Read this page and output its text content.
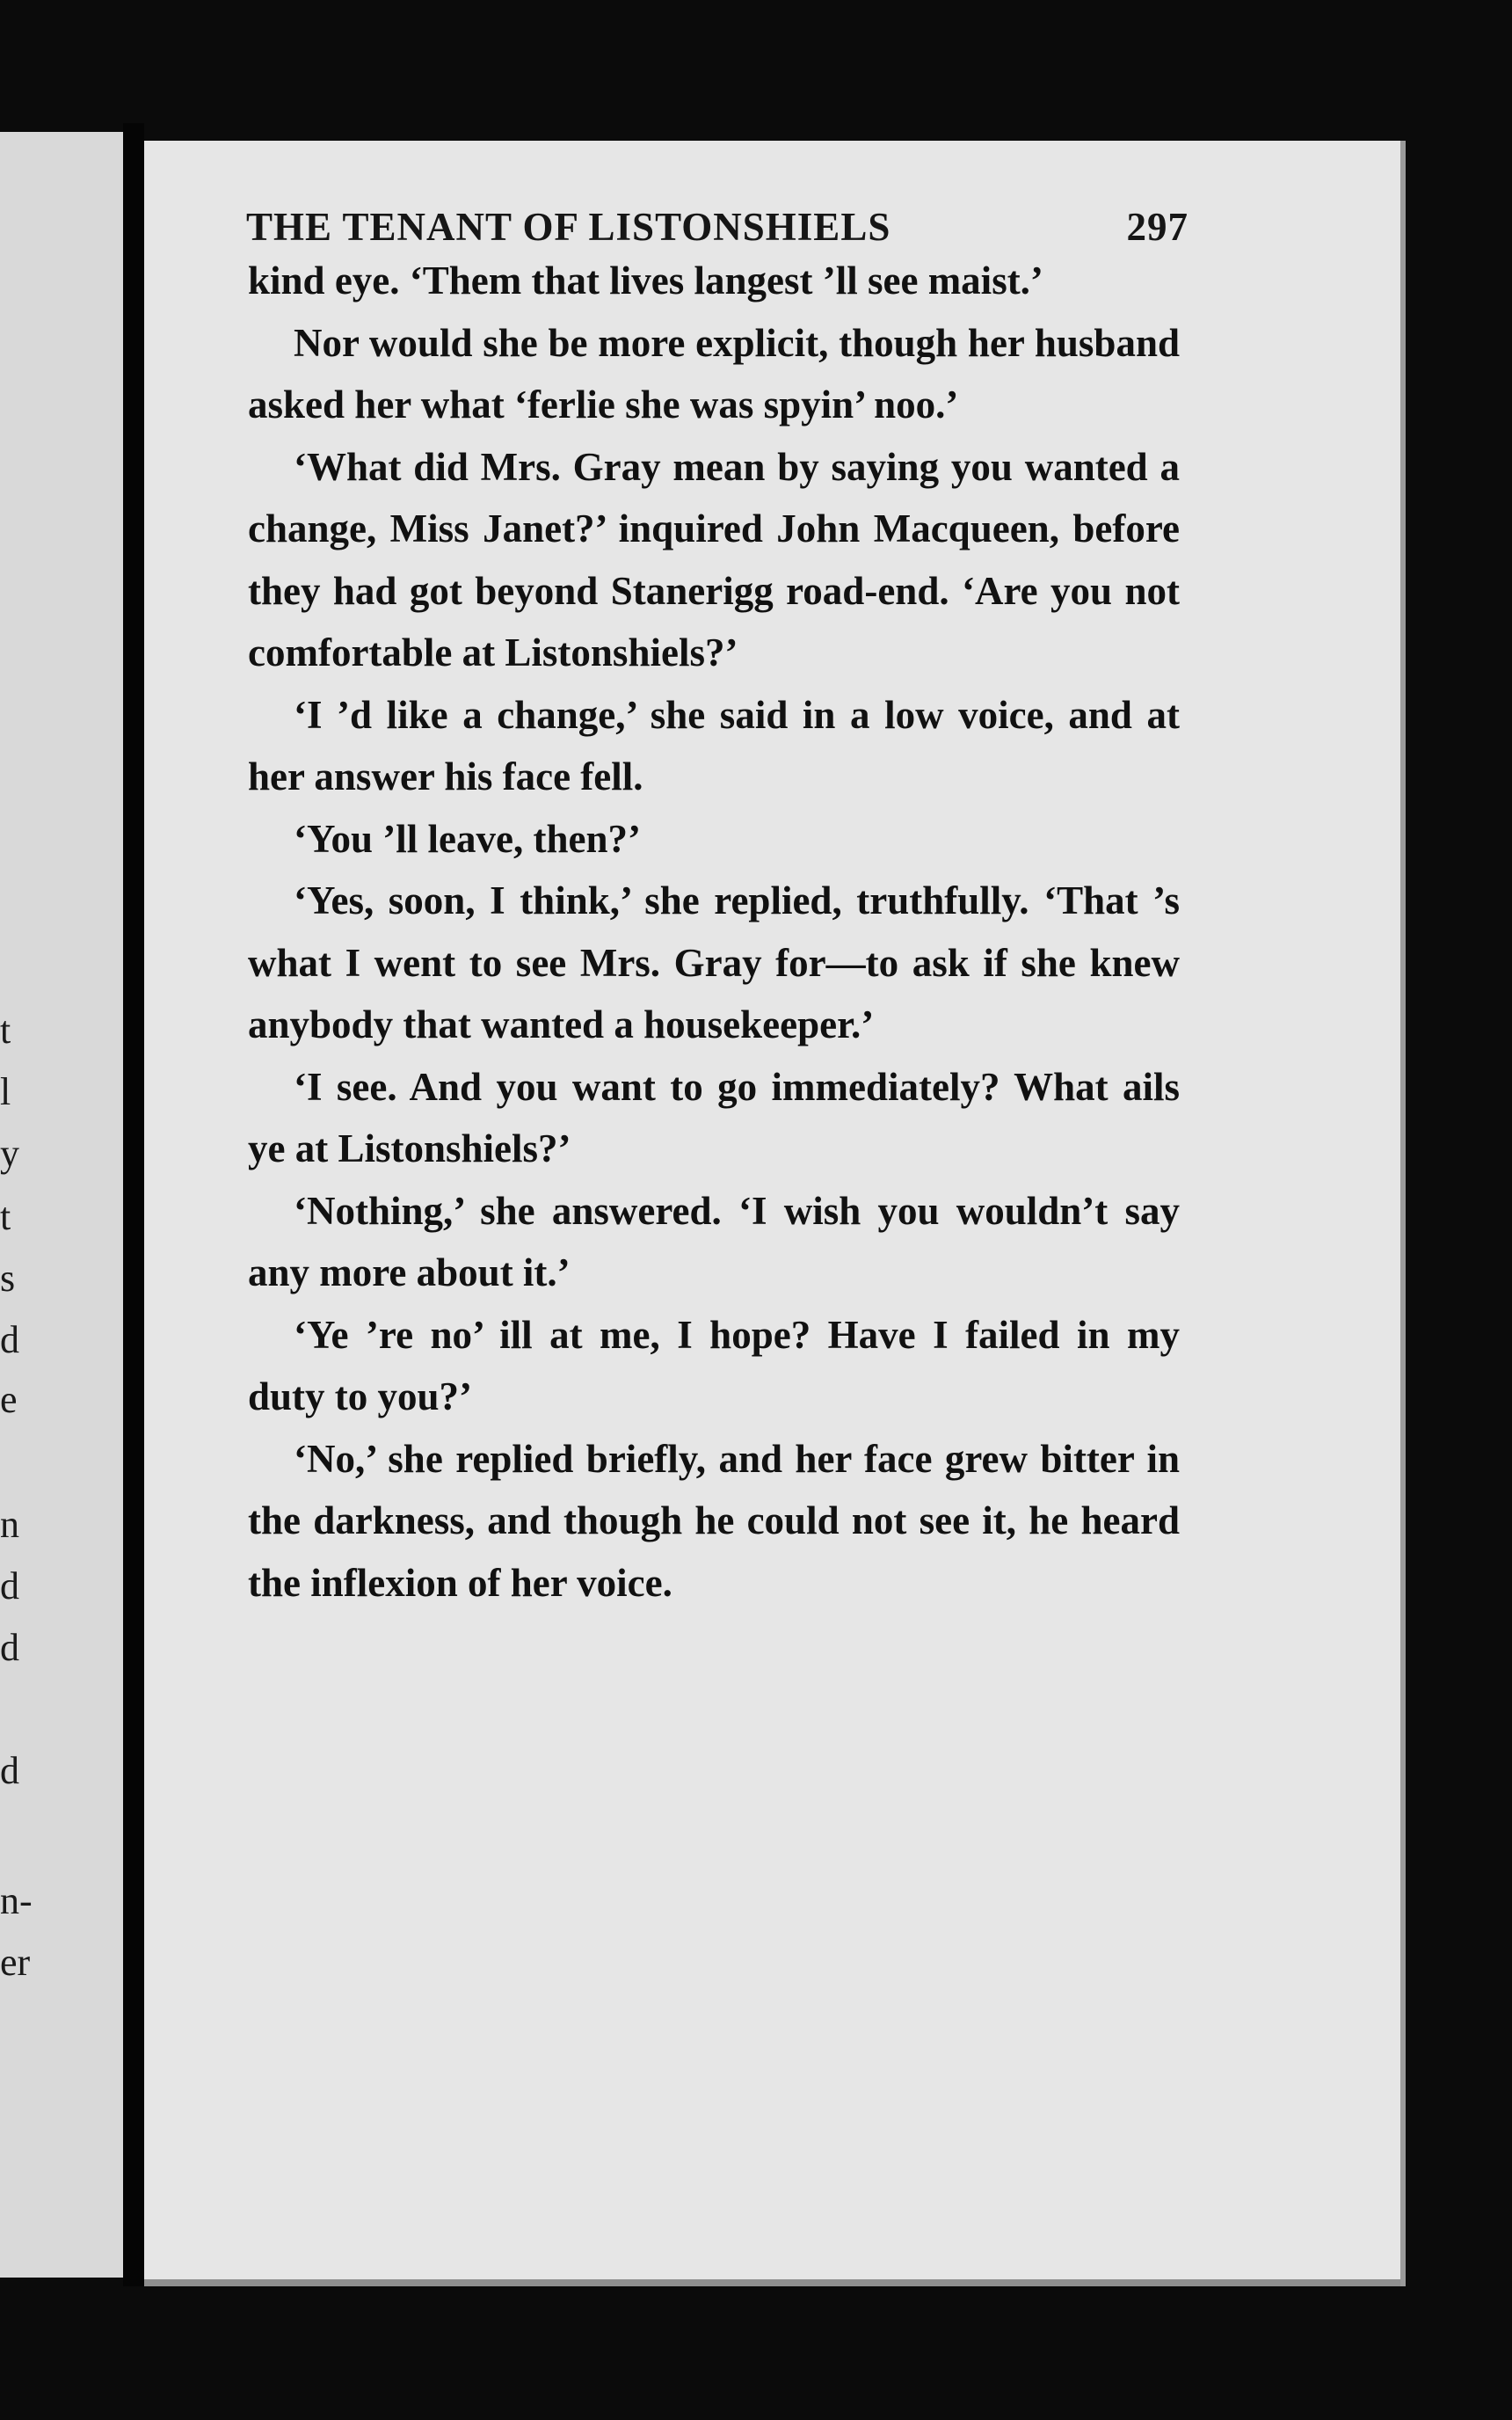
t
l
y
t
s
d
e
n
d
d
d
n-
er
THE TENANT OF LISTONSHIELS	297

kind eye. ‘Them that lives langest ’ll see maist.’

Nor would she be more explicit, though her husband asked her what ‘ferlie she was spyin’ noo.’

‘What did Mrs. Gray mean by saying you wanted a change, Miss Janet?’ inquired John Macqueen, before they had got beyond Stanerigg road-end. ‘Are you not comfortable at Listonshiels?’

‘I ’d like a change,’ she said in a low voice, and at her answer his face fell.

‘You ’ll leave, then?’

‘Yes, soon, I think,’ she replied, truthfully. ‘That ’s what I went to see Mrs. Gray for—to ask if she knew anybody that wanted a housekeeper.’

‘I see. And you want to go immediately? What ails ye at Listonshiels?’

‘Nothing,’ she answered. ‘I wish you wouldn’t say any more about it.’

‘Ye ’re no’ ill at me, I hope? Have I failed in my duty to you?’

‘No,’ she replied briefly, and her face grew bitter in the darkness, and though he could not see it, he heard the inflexion of her voice.
